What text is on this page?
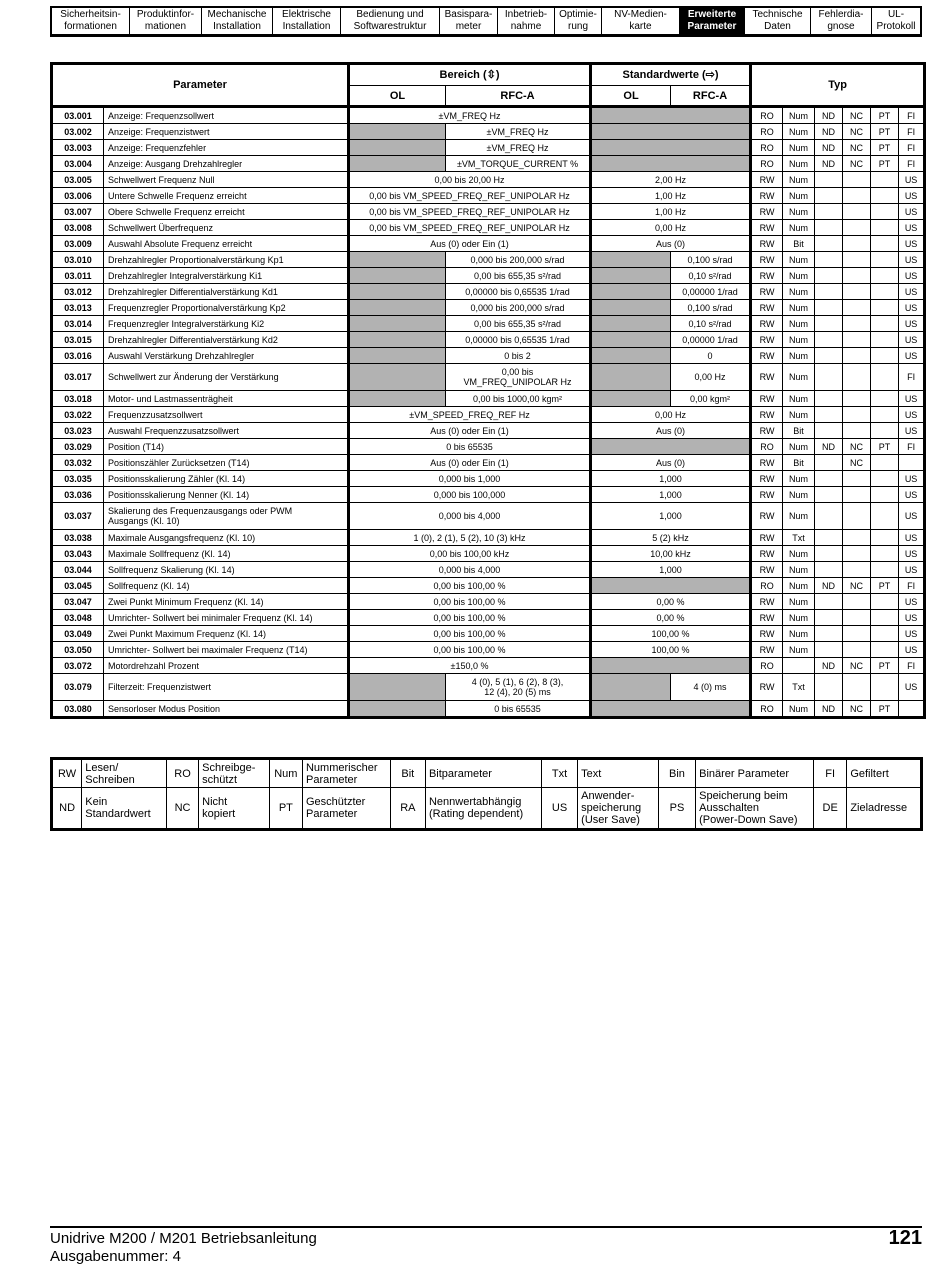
Sicherheitsin-
formationen
Produktinfor-
mationen
Mechanische
Installation
Elektrische
Installation
Bedienung und
Softwarestruktur
Basispara-
meter
Inbetrieb-
nahme
Optimie-
rung
NV-Medien-
karte
Erweiterte
Parameter
Technische
Daten
Fehlerdia-
gnose
UL-
Protokoll
Parameter		Bereich (⇳)		Standardwerte (⇨)		Typ					
		OL	RFC-A	OL	RFC-A						
03.001	Anzeige: Frequenzsollwert	±VM_FREQ Hz				RO	Num	ND	NC	PT	FI
03.002	Anzeige: Frequenzistwert		±VM_FREQ Hz			RO	Num	ND	NC	PT	FI
03.003	Anzeige: Frequenzfehler		±VM_FREQ Hz			RO	Num	ND	NC	PT	FI
03.004	Anzeige: Ausgang Drehzahlregler		±VM_TORQUE_CURRENT %			RO	Num	ND	NC	PT	FI
03.005	Schwellwert Frequenz Null	0,00 bis 20,00 Hz		2,00 Hz		RW	Num				US
03.006	Untere Schwelle Frequenz erreicht	0,00 bis VM_SPEED_FREQ_REF_UNIPOLAR Hz		1,00 Hz		RW	Num				US
03.007	Obere Schwelle Frequenz erreicht	0,00 bis VM_SPEED_FREQ_REF_UNIPOLAR Hz		1,00 Hz		RW	Num				US
03.008	Schwellwert Überfrequenz	0,00 bis VM_SPEED_FREQ_REF_UNIPOLAR Hz		0,00 Hz		RW	Num				US
03.009	Auswahl Absolute Frequenz erreicht	Aus (0) oder Ein (1)		Aus (0)		RW	Bit				US
03.010	Drehzahlregler Proportionalverstärkung Kp1		0,000 bis 200,000 s/rad		0,100 s/rad	RW	Num				US
03.011	Drehzahlregler Integralverstärkung Ki1		0,00 bis 655,35 s²/rad		0,10 s²/rad	RW	Num				US
03.012	Drehzahlregler Differentialverstärkung Kd1		0,00000 bis 0,65535 1/rad		0,00000 1/rad	RW	Num				US
03.013	Frequenzregler Proportionalverstärkung Kp2		0,000 bis 200,000 s/rad		0,100 s/rad	RW	Num				US
03.014	Frequenzregler Integralverstärkung Ki2		0,00 bis 655,35 s²/rad		0,10 s²/rad	RW	Num				US
03.015	Drehzahlregler Differentialverstärkung Kd2		0,00000 bis 0,65535 1/rad		0,00000 1/rad	RW	Num				US
03.016	Auswahl Verstärkung Drehzahlregler		0 bis 2		0	RW	Num				US
03.017	Schwellwert zur Änderung der Verstärkung		0,00 bis
VM_FREQ_UNIPOLAR Hz		0,00 Hz	RW	Num				FI
03.018	Motor- und Lastmassenträgheit		0,00 bis 1000,00 kgm²		0,00 kgm²	RW	Num				US
03.022	Frequenzzusatzsollwert	±VM_SPEED_FREQ_REF Hz		0,00 Hz		RW	Num				US
03.023	Auswahl Frequenzzusatzsollwert	Aus (0) oder Ein (1)		Aus (0)		RW	Bit				US
03.029	Position (T14)	0 bis 65535				RO	Num	ND	NC	PT	FI
03.032	Positionszähler Zurücksetzen (T14)	Aus (0) oder Ein (1)		Aus (0)		RW	Bit		NC		
03.035	Positionsskalierung Zähler (Kl. 14)	0,000 bis 1,000		1,000		RW	Num				US
03.036	Positionsskalierung Nenner (Kl. 14)	0,000 bis 100,000		1,000		RW	Num				US
03.037	Skalierung des Frequenzausgangs oder PWM
Ausgangs (Kl. 10)	0,000 bis 4,000		1,000		RW	Num				US
03.038	Maximale Ausgangsfrequenz (Kl. 10)	1 (0), 2 (1), 5 (2), 10 (3) kHz		5 (2) kHz		RW	Txt				US
03.043	Maximale Sollfrequenz (Kl. 14)	0,00 bis 100,00 kHz		10,00 kHz		RW	Num				US
03.044	Sollfrequenz Skalierung (Kl. 14)	0,000 bis 4,000		1,000		RW	Num				US
03.045	Sollfrequenz (Kl. 14)	0,00 bis 100,00 %				RO	Num	ND	NC	PT	FI
03.047	Zwei Punkt Minimum Frequenz (Kl. 14)	0,00 bis 100,00 %		0,00 %		RW	Num				US
03.048	Umrichter- Sollwert bei minimaler Frequenz (Kl. 14)	0,00 bis 100,00 %		0,00 %		RW	Num				US
03.049	Zwei Punkt Maximum Frequenz (Kl. 14)	0,00 bis 100,00 %		100,00 %		RW	Num				US
03.050	Umrichter- Sollwert bei maximaler Frequenz (T14)	0,00 bis 100,00 %		100,00 %		RW	Num				US
03.072	Motordrehzahl Prozent	±150,0 %				RO		ND	NC	PT	FI
03.079	Filterzeit: Frequenzistwert		4 (0), 5 (1), 6 (2), 8 (3),
12 (4), 20 (5) ms		4 (0) ms	RW	Txt				US
03.080	Sensorloser Modus Position		0 bis 65535			RO	Num	ND	NC	PT	
RW	Lesen/
Schreiben	RO	Schreibge-
schützt	Num	Nummerischer
Parameter	Bit	Bitparameter	Txt	Text	Bin	Binärer Parameter	FI	Gefiltert
ND	Kein
Standardwert	NC	Nicht
kopiert	PT	Geschützter
Parameter	RA	Nennwertabhängig
(Rating dependent)	US	Anwender-
speicherung
(User Save)	PS	Speicherung beim
Ausschalten
(Power-Down Save)	DE	Zieladresse
Unidrive M200 / M201 Betriebsanleitung
Ausgabenummer: 4
121
